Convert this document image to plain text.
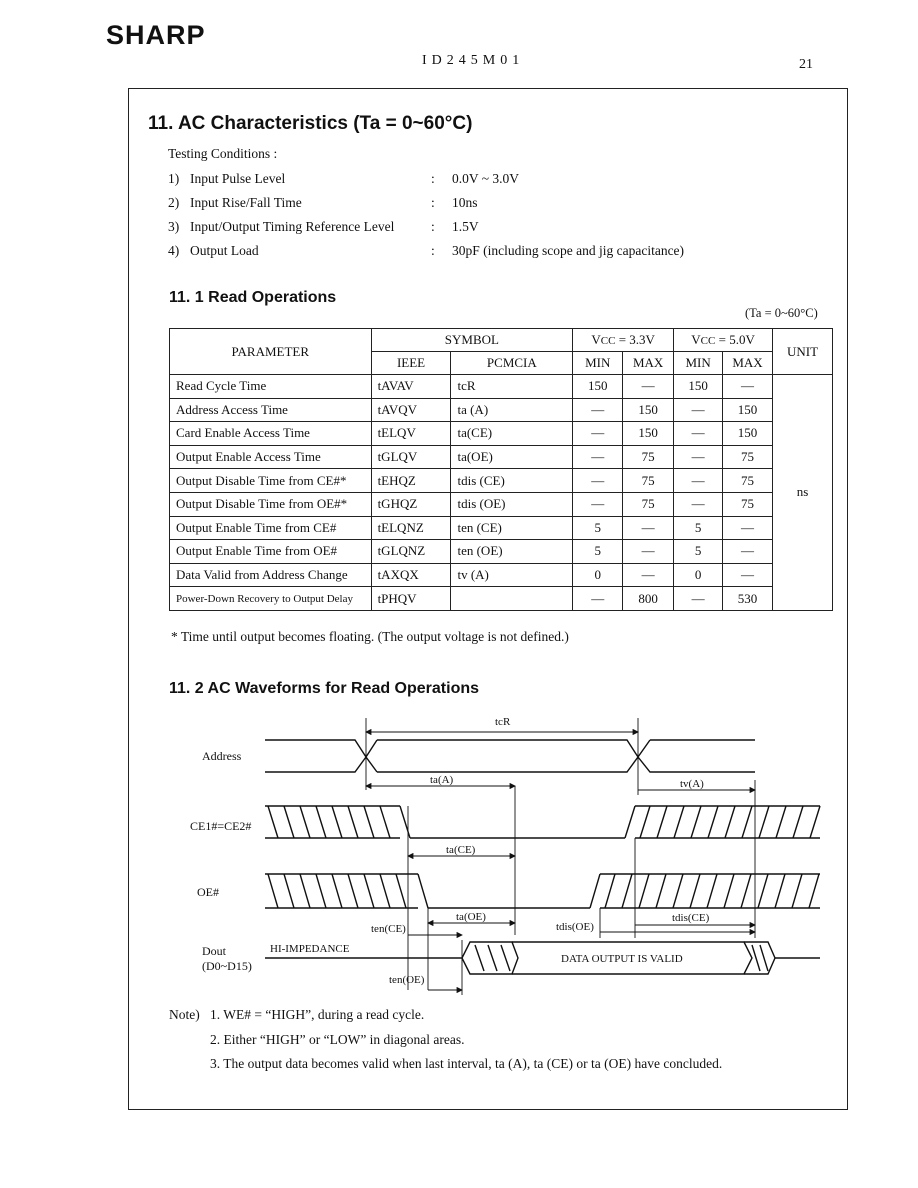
SHARP
ID245M01	21
11. AC Characteristics (Ta = 0~60°C)
Testing Conditions :
1) Input Pulse Level	: 0.0V ~ 3.0V
2) Input Rise/Fall Time	: 10ns
3) Input/Output Timing Reference Level	: 1.5V
4) Output Load	: 30pF (including scope and jig capacitance)
11. 1 Read Operations
(Ta = 0~60°C)
PARAMETER	SYMBOL		VCC = 3.3V		VCC = 5.0V		UNIT
	IEEE	PCMCIA	MIN	MAX	MIN	MAX	
Read Cycle Time	tAVAV	tcR	150	—	150	—	ns
Address Access Time	tAVQV	ta (A)	—	150	—	150	
Card Enable Access Time	tELQV	ta(CE)	—	150	—	150	
Output Enable Access Time	tGLQV	ta(OE)	—	75	—	75	
Output Disable Time from CE#*	tEHQZ	tdis (CE)	—	75	—	75	
Output Disable Time from OE#*	tGHQZ	tdis (OE)	—	75	—	75	
Output Enable Time from CE#	tELQNZ	ten (CE)	5	—	5	—	
Output Enable Time from OE#	tGLQNZ	ten (OE)	5	—	5	—	
Data Valid from Address Change	tAXQX	tv (A)	0	—	0	—	
Power-Down Recovery to Output Delay	tPHQV		—	800	—	530	
* Time until output becomes floating. (The output voltage is not defined.)
11. 2 AC Waveforms for Read Operations
Address
CE1#=CE2#
OE#
Dout
(D0~D15)
tcR
ta(A)	tv(A)
ta(CE)
ta(OE)
ten(CE)
ten(OE)
tdis(OE)
tdis(CE)
HI-IMPEDANCE
DATA OUTPUT IS VALID
Note) 1. WE# = “HIGH”, during a read cycle.
2. Either “HIGH” or “LOW” in diagonal areas.
3. The output data becomes valid when last interval, ta (A), ta (CE) or ta (OE) have concluded.
